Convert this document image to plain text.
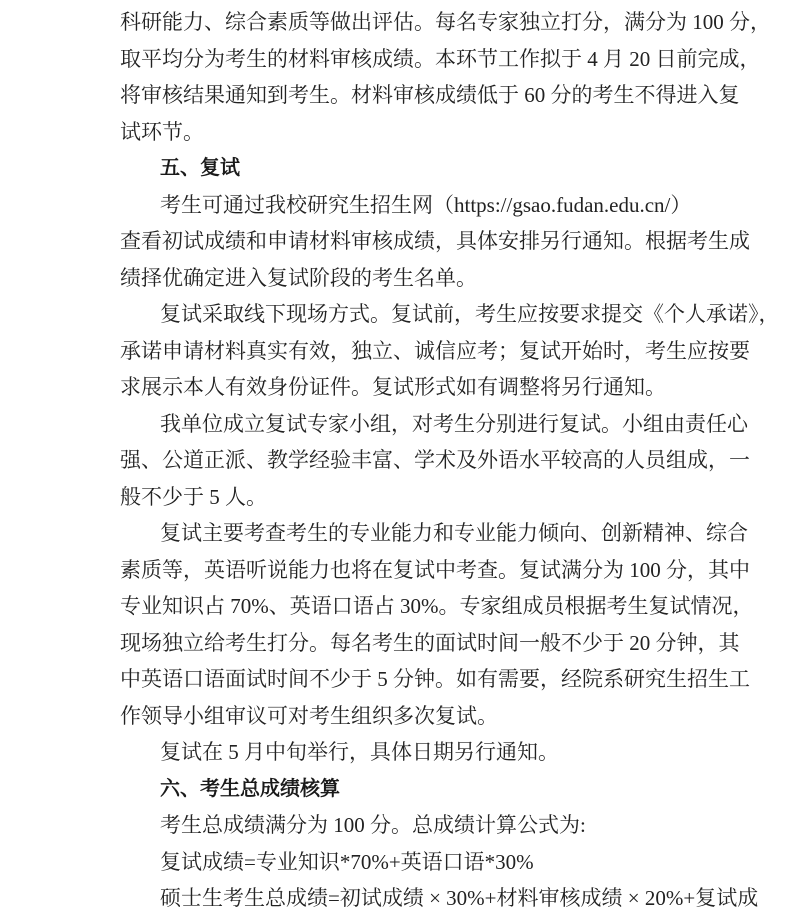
科研能力、综合素质等做出评估。每名专家独立打分，满分为 100 分，
取平均分为考生的材料审核成绩。本环节工作拟于 4 月 20 日前完成，
将审核结果通知到考生。材料审核成绩低于 60 分的考生不得进入复
试环节。
五、复试
考生可通过我校研究生招生网（https://gsao.fudan.edu.cn/）
查看初试成绩和申请材料审核成绩，具体安排另行通知。根据考生成
绩择优确定进入复试阶段的考生名单。
复试采取线下现场方式。复试前，考生应按要求提交《个人承诺》，
承诺申请材料真实有效，独立、诚信应考；复试开始时，考生应按要
求展示本人有效身份证件。复试形式如有调整将另行通知。
我单位成立复试专家小组，对考生分别进行复试。小组由责任心
强、公道正派、教学经验丰富、学术及外语水平较高的人员组成，一
般不少于 5 人。
复试主要考查考生的专业能力和专业能力倾向、创新精神、综合
素质等，英语听说能力也将在复试中考查。复试满分为 100 分，其中
专业知识占 70%、英语口语占 30%。专家组成员根据考生复试情况，
现场独立给考生打分。每名考生的面试时间一般不少于 20 分钟，其
中英语口语面试时间不少于 5 分钟。如有需要，经院系研究生招生工
作领导小组审议可对考生组织多次复试。
复试在 5 月中旬举行，具体日期另行通知。
六、考生总成绩核算
考生总成绩满分为 100 分。总成绩计算公式为:
复试成绩=专业知识*70%+英语口语*30%
硕士生考生总成绩=初试成绩 × 30%+材料审核成绩 × 20%+复试成
